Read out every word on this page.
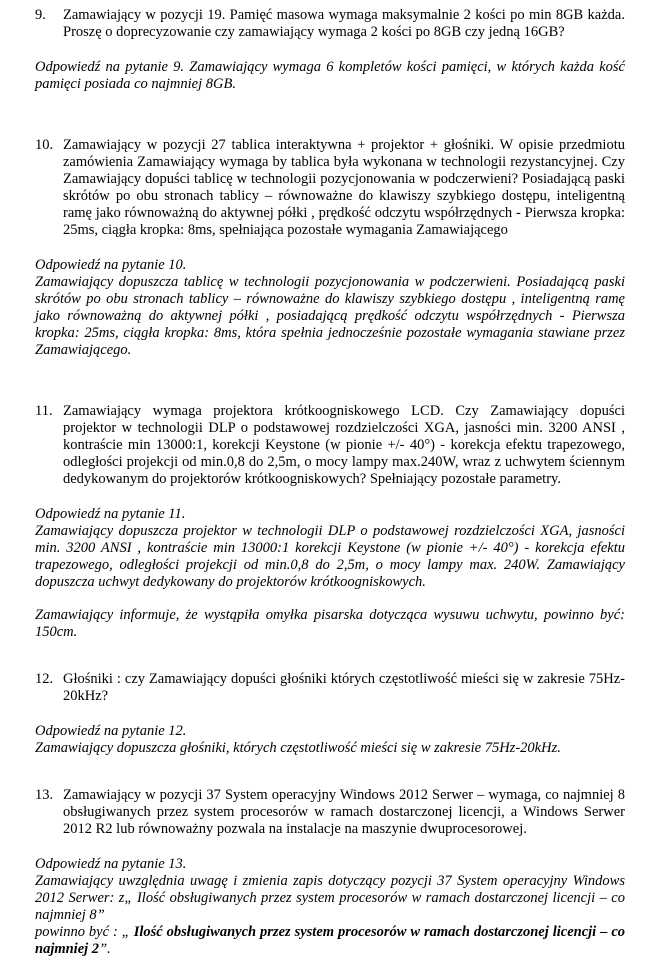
9. Zamawiający w pozycji 19. Pamięć masowa wymaga maksymalnie 2 kości po min 8GB każda. Proszę o doprecyzowanie czy zamawiający wymaga 2 kości po 8GB czy jedną 16GB?

Odpowiedź na pytanie 9. Zamawiający wymaga 6 kompletów kości pamięci, w których każda kość pamięci posiada co najmniej 8GB.

10. Zamawiający w pozycji 27 tablica interaktywna + projektor + głośniki. W opisie przedmiotu zamówienia Zamawiający wymaga by tablica była wykonana w technologii rezystancyjnej. Czy Zamawiający dopuści tablicę w technologii pozycjonowania w podczerwieni? Posiadającą paski skrótów po obu stronach tablicy – równoważne do klawiszy szybkiego dostępu, inteligentną ramę jako równoważną do aktywnej półki , prędkość odczytu współrzędnych - Pierwsza kropka: 25ms, ciągła kropka: 8ms, spełniająca pozostałe wymagania Zamawiającego

Odpowiedź na pytanie 10.

Zamawiający dopuszcza tablicę w technologii pozycjonowania w podczerwieni. Posiadającą paski skrótów po obu stronach tablicy – równoważne do klawiszy szybkiego dostępu , inteligentną ramę jako równoważną do aktywnej półki , posiadającą prędkość odczytu współrzędnych - Pierwsza kropka: 25ms, ciągła kropka: 8ms, która spełnia jednocześnie pozostałe wymagania stawiane przez Zamawiającego.

11. Zamawiający wymaga projektora krótkoogniskowego LCD. Czy Zamawiający dopuści projektor w technologii DLP o podstawowej rozdzielczości XGA, jasności min. 3200 ANSI , kontraście min 13000:1, korekcji Keystone (w pionie +/- 40°) - korekcja efektu trapezowego, odległości projekcji od min.0,8 do 2,5m, o mocy lampy max.240W, wraz z uchwytem ściennym dedykowanym do projektorów krótkoogniskowych? Spełniający pozostałe parametry.

Odpowiedź na pytanie 11.

Zamawiający dopuszcza projektor w technologii DLP o podstawowej rozdzielczości XGA, jasności min. 3200 ANSI , kontraście min 13000:1 korekcji Keystone (w pionie +/- 40°) - korekcja efektu trapezowego, odległości projekcji od min.0,8 do 2,5m, o mocy lampy max. 240W. Zamawiający dopuszcza uchwyt dedykowany do projektorów krótkoogniskowych.

Zamawiający informuje, że wystąpiła omyłka pisarska dotycząca wysuwu uchwytu, powinno być: 150cm.

12. Głośniki : czy Zamawiający dopuści głośniki których częstotliwość mieści się w zakresie 75Hz-20kHz?

Odpowiedź na pytanie 12.

Zamawiający dopuszcza głośniki, których częstotliwość mieści się w zakresie 75Hz-20kHz.

13. Zamawiający w pozycji 37 System operacyjny Windows 2012 Serwer – wymaga, co najmniej 8 obsługiwanych przez system procesorów w ramach dostarczonej licencji, a Windows Serwer 2012 R2 lub równoważny pozwala na instalacje na maszynie dwuprocesorowej.

Odpowiedź na pytanie 13.

Zamawiający uwzględnia uwagę i zmienia zapis dotyczący pozycji 37 System operacyjny Windows 2012 Serwer: z„ Ilość obsługiwanych przez system procesorów w ramach dostarczonej licencji – co najmniej 8”

powinno być : „ Ilość obsługiwanych przez system procesorów w ramach dostarczonej licencji – co najmniej 2”.
